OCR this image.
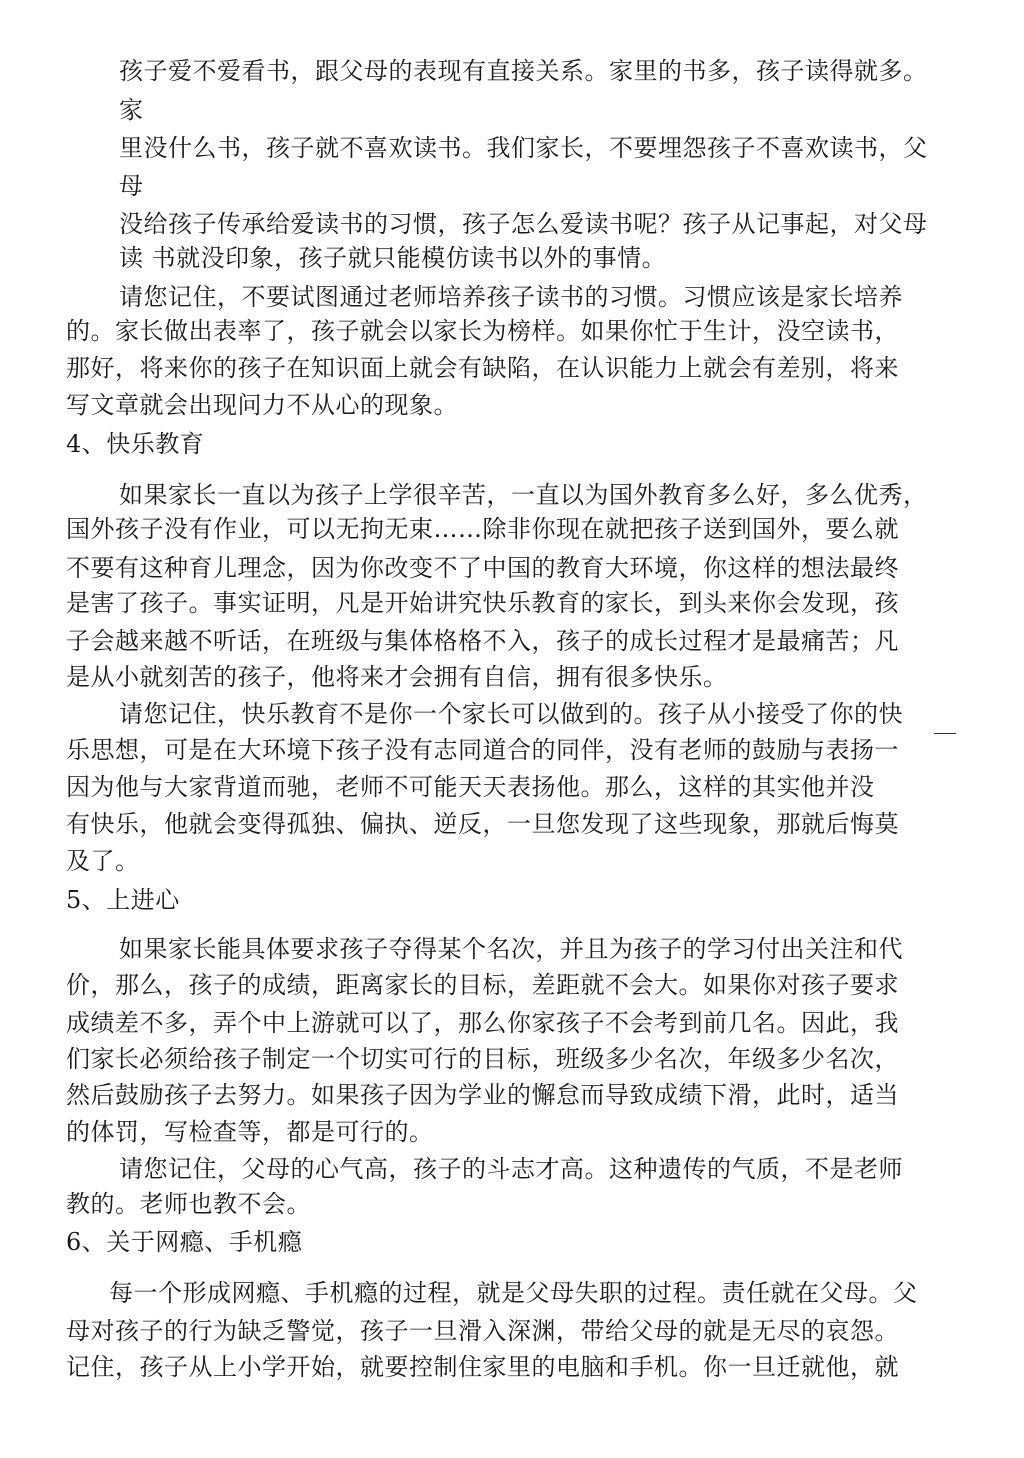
孩子爱不爱看书，跟父母的表现有直接关系。家里的书多，孩子读得就多。
家
里没什么书，孩子就不喜欢读书。我们家长，不要埋怨孩子不喜欢读书，父
母
没给孩子传承给爱读书的习惯，孩子怎么爱读书呢？孩子从记事起，对父母
读 书就没印象，孩子就只能模仿读书以外的事情。
请您记住，不要试图通过老师培养孩子读书的习惯。习惯应该是家长培养
的。家长做出表率了，孩子就会以家长为榜样。如果你忙于生计，没空读书，
那好，将来你的孩子在知识面上就会有缺陷，在认识能力上就会有差别，将来
写文章就会出现问力不从心的现象。
4、快乐教育
如果家长一直以为孩子上学很辛苦，一直以为国外教育多么好，多么优秀，
国外孩子没有作业，可以无拘无束……除非你现在就把孩子送到国外，要么就
不要有这种育儿理念，因为你改变不了中国的教育大环境，你这样的想法最终
是害了孩子。事实证明，凡是开始讲究快乐教育的家长，到头来你会发现，孩
子会越来越不听话，在班级与集体格格不入，孩子的成长过程才是最痛苦；凡
是从小就刻苦的孩子，他将来才会拥有自信，拥有很多快乐。
请您记住，快乐教育不是你一个家长可以做到的。孩子从小接受了你的快
乐思想，可是在大环境下孩子没有志同道合的同伴，没有老师的鼓励与表扬一
因为他与大家背道而驰，老师不可能天天表扬他。那么，这样的其实他并没
有快乐，他就会变得孤独、偏执、逆反，一旦您发现了这些现象，那就后悔莫
及了。
5、上进心
如果家长能具体要求孩子夺得某个名次，并且为孩子的学习付出关注和代
价，那么，孩子的成绩，距离家长的目标，差距就不会大。如果你对孩子要求
成绩差不多，弄个中上游就可以了，那么你家孩子不会考到前几名。因此，我
们家长必须给孩子制定一个切实可行的目标，班级多少名次，年级多少名次，
然后鼓励孩子去努力。如果孩子因为学业的懈怠而导致成绩下滑，此时，适当
的体罚，写检查等，都是可行的。
请您记住，父母的心气高，孩子的斗志才高。这种遗传的气质，不是老师
教的。老师也教不会。
6、关于网瘾、手机瘾
每一个形成网瘾、手机瘾的过程，就是父母失职的过程。责任就在父母。父
母对孩子的行为缺乏警觉，孩子一旦滑入深渊，带给父母的就是无尽的哀怨。
记住，孩子从上小学开始，就要控制住家里的电脑和手机。你一旦迁就他，就
